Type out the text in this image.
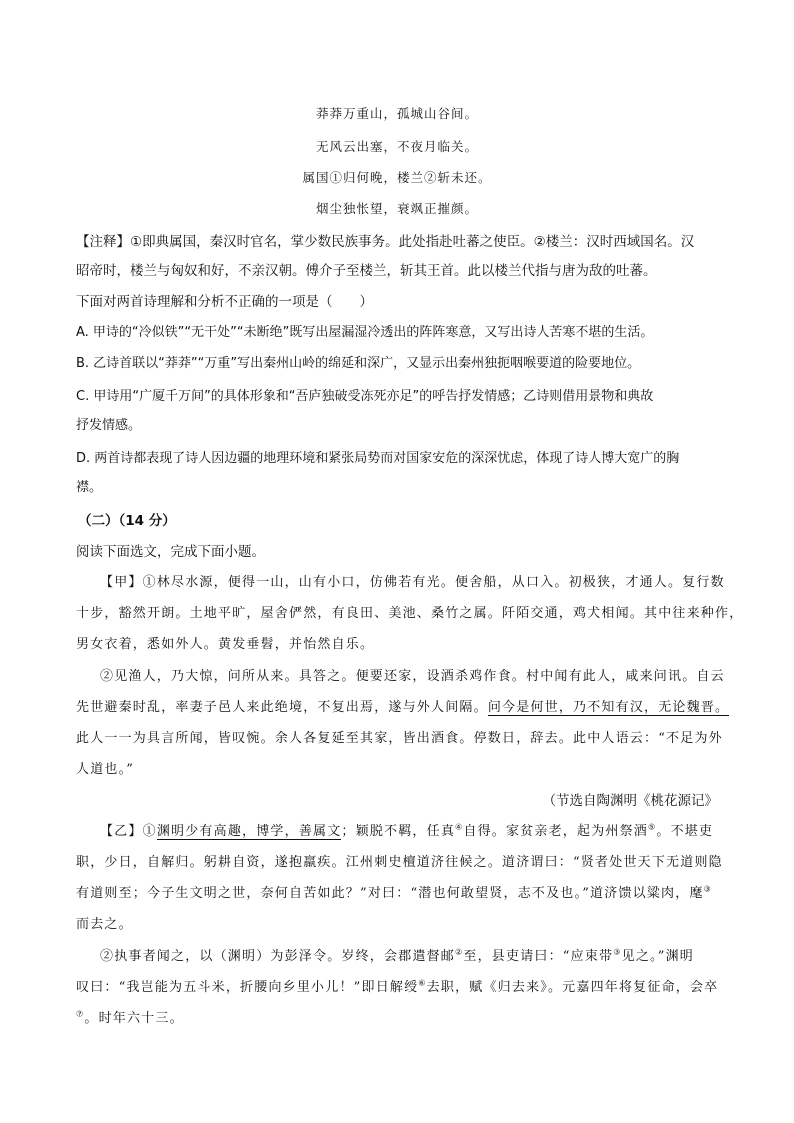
莽莽万重山，孤城山谷间。
无风云出塞，不夜月临关。
属国①归何晚，楼兰②斩未还。
烟尘独怅望，衰飒正摧颜。
【注释】①即典属国，秦汉时官名，掌少数民族事务。此处指赴吐蕃之使臣。②楼兰：汉时西域国名。汉
昭帝时，楼兰与匈奴和好，不亲汉朝。傅介子至楼兰，斩其王首。此以楼兰代指与唐为敌的吐蕃。
下面对两首诗理解和分析不正确的一项是（　　）
A. 甲诗的“冷似铁”“无干处”“未断绝”既写出屋漏湿冷透出的阵阵寒意，又写出诗人苦寒不堪的生活。
B. 乙诗首联以“莽莽”“万重”写出秦州山岭的绵延和深广，又显示出秦州独扼咽喉要道的险要地位。
C. 甲诗用“广厦千万间”的具体形象和“吾庐独破受冻死亦足”的呼告抒发情感；乙诗则借用景物和典故
抒发情感。
D. 两首诗都表现了诗人因边疆的地理环境和紧张局势而对国家安危的深深忧虑，体现了诗人博大宽广的胸
襟。
（二）（14 分）
阅读下面选文，完成下面小题。
【甲】①林尽水源，便得一山，山有小口，仿佛若有光。便舍船，从口入。初极狭，才通人。复行数
十步，豁然开朗。土地平旷，屋舍俨然，有良田、美池、桑竹之属。阡陌交通，鸡犬相闻。其中往来种作，
男女衣着，悉如外人。黄发垂髫，并怡然自乐。
②见渔人，乃大惊，问所从来。具答之。便要还家，设酒杀鸡作食。村中闻有此人，咸来问讯。自云
先世避秦时乱，率妻子邑人来此绝境，不复出焉，遂与外人间隔。问今是何世，乃不知有汉，无论魏晋。
此人一一为具言所闻，皆叹惋。余人各复延至其家，皆出酒食。停数日，辞去。此中人语云：“不足为外
人道也。”
（节选自陶渊明《桃花源记》
【乙】①渊明少有高趣，博学，善属文；颖脱不羁，任真④自得。家贫亲老，起为州祭酒⑤。不堪吏
职，少日，自解归。躬耕自资，遂抱羸疾。江州刺史檀道济往候之。道济谓曰：“贤者处世天下无道则隐
有道则至；今子生文明之世，奈何自苦如此？”对曰：“潜也何敢望贤，志不及也。”道济馈以粱肉，麾③
而去之。
②执事者闻之，以（渊明）为彭泽令。岁终，会郡遣督邮②至，县吏请曰：“应束带③见之。”渊明
叹曰：“我岂能为五斗米，折腰向乡里小儿！”即日解绶⑥去职，赋《归去来》。元嘉四年将复征命，会卒
⑦。时年六十三。
